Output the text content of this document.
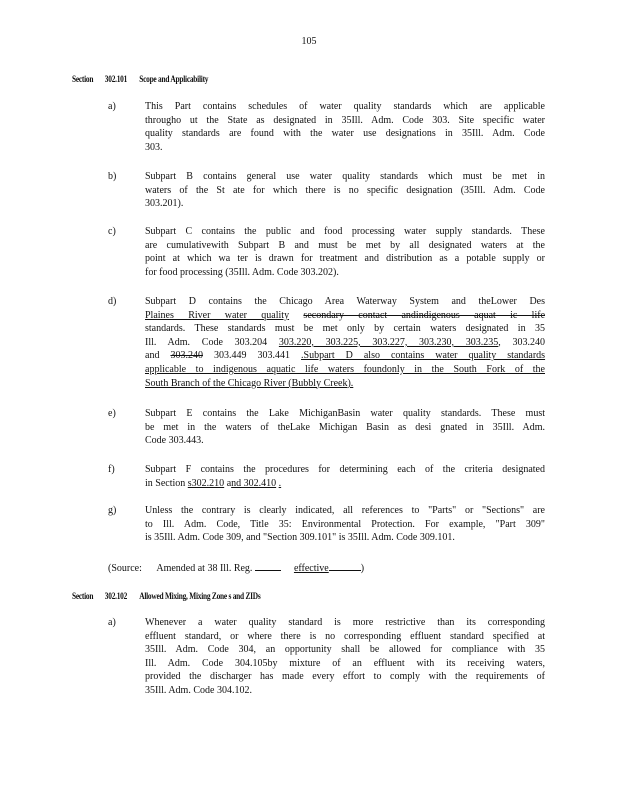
105
Section 302.101 Scope and Applicability
a)	This Part contains schedules of water quality standards which are applicable
througho ut the State as designated in 35Ill. Adm. Code 303. Site specific water
quality standards are found with the water use designations in 35Ill. Adm. Code
303.
b)	Subpart B contains general use water quality standards which must be met in
waters of the St ate for which there is no specific designation (35Ill. Adm. Code
303.201).
c)	Subpart C contains the public and food processing water supply standards. These
are cumulativewith Subpart B and must be met by all designated waters at the
point at which wa ter is drawn for treatment and distribution as a potable supply or
for food processing (35Ill. Adm. Code 303.202).
d)	Subpart D contains the Chicago Area Waterway System and theLower Des
Plaines River water quality secondary contact andindigenous aquat ic life
standards. These standards must be met only by certain waters designated in 35
Ill. Adm. Code 303.204 303.220, 303.225, 303.227, 303.230, 303.235, 303.240
and 303.240 303.449 303.441 .Subpart D also contains water quality standards
applicable to indigenous aquatic life waters foundonly in the South Fork of the
South Branch of the Chicago River (Bubbly Creek).
e)	Subpart E contains the Lake MichiganBasin water quality standards. These must
be met in the waters of theLake Michigan Basin as desi gnated in 35Ill. Adm.
Code 303.443.
f)	Subpart F contains the procedures for determining each of the criteria designated
in Section s302.210 and 302.410 .
g)	Unless the contrary is clearly indicated, all references to "Parts" or "Sections" are
to Ill. Adm. Code, Title 35: Environmental Protection. For example, "Part 309"
is 35Ill. Adm. Code 309, and "Section 309.101" is 35Ill. Adm. Code 309.101.
(Source: Amended at 38 Ill. Reg.	effective	)
Section 302.102 Allowed Mixing, Mixing Zone s and ZIDs
a)	Whenever a water quality standard is more restrictive than its corresponding
effluent standard, or where there is no corresponding effluent standard specified at
35Ill. Adm. Code 304, an opportunity shall be allowed for compliance with 35
Ill. Adm. Code 304.105by mixture of an effluent with its receiving waters,
provided the discharger has made every effort to comply with the requirements of
35Ill. Adm. Code 304.102.
